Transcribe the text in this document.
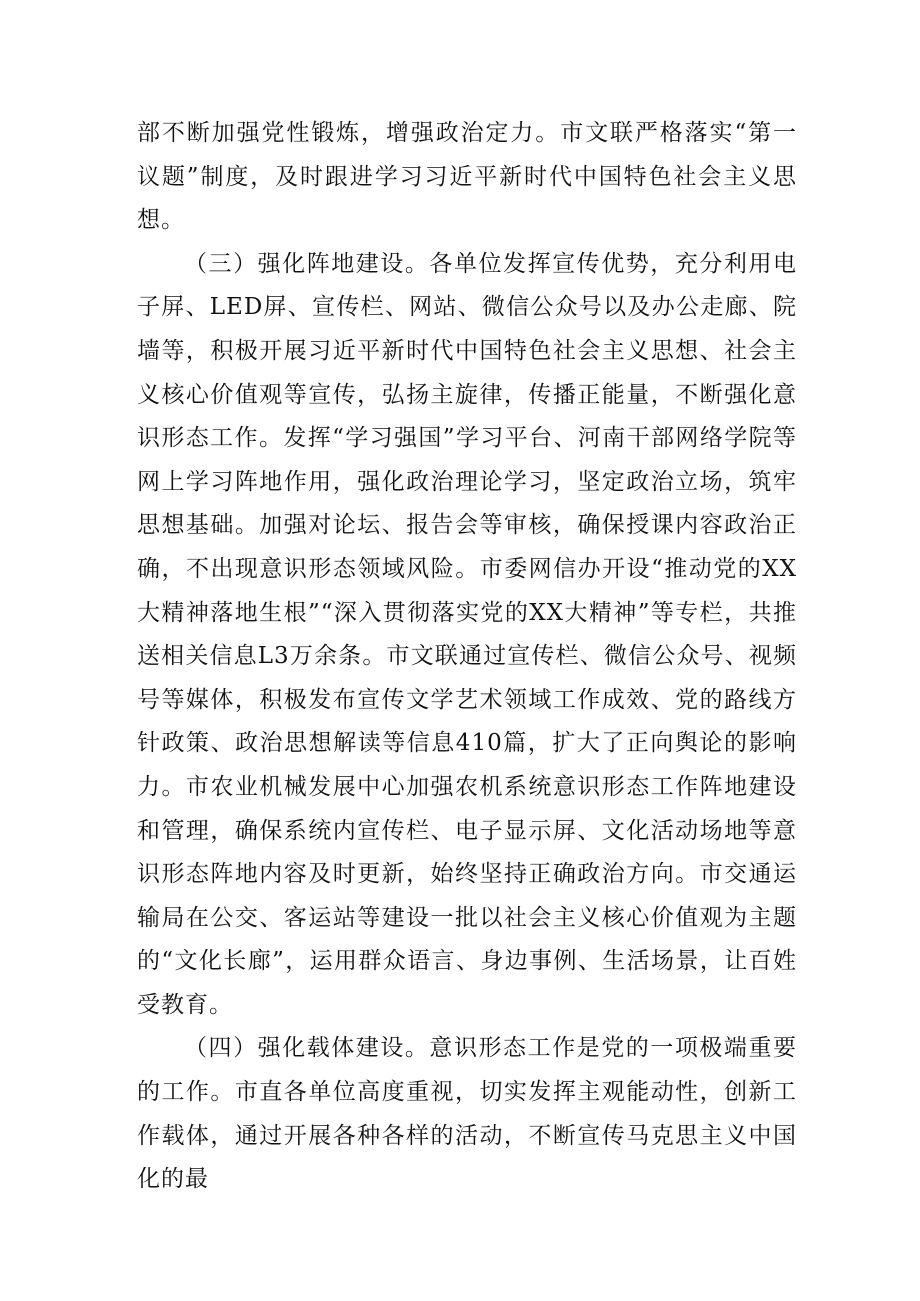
部不断加强党性锻炼，增强政治定力。市文联严格落实“第一议题”制度，及时跟进学习习近平新时代中国特色社会主义思想。

（三）强化阵地建设。各单位发挥宣传优势，充分利用电子屏、LED屏、宣传栏、网站、微信公众号以及办公走廊、院墙等，积极开展习近平新时代中国特色社会主义思想、社会主义核心价值观等宣传，弘扬主旋律，传播正能量，不断强化意识形态工作。发挥“学习强国”学习平台、河南干部网络学院等网上学习阵地作用，强化政治理论学习，坚定政治立场，筑牢思想基础。加强对论坛、报告会等审核，确保授课内容政治正确，不出现意识形态领域风险。市委网信办开设“推动党的XX大精神落地生根”“深入贯彻落实党的XX大精神”等专栏，共推送相关信息L3万余条。市文联通过宣传栏、微信公众号、视频号等媒体，积极发布宣传文学艺术领域工作成效、党的路线方针政策、政治思想解读等信息410篇，扩大了正向舆论的影响力。市农业机械发展中心加强农机系统意识形态工作阵地建设和管理，确保系统内宣传栏、电子显示屏、文化活动场地等意识形态阵地内容及时更新，始终坚持正确政治方向。市交通运输局在公交、客运站等建设一批以社会主义核心价值观为主题的“文化长廊”，运用群众语言、身边事例、生活场景，让百姓受教育。

（四）强化载体建设。意识形态工作是党的一项极端重要的工作。市直各单位高度重视，切实发挥主观能动性，创新工作载体，通过开展各种各样的活动，不断宣传马克思主义中国化的最
